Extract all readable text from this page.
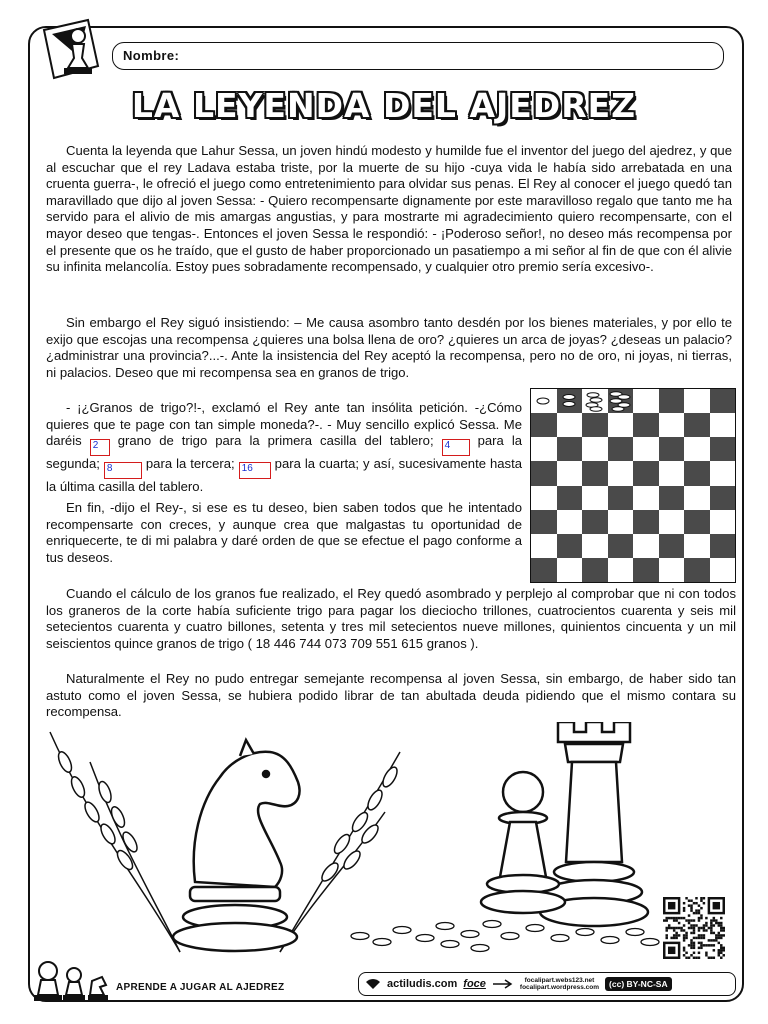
Nombre:
LA LEYENDA DEL AJEDREZ
Cuenta la leyenda que Lahur Sessa, un joven hindú modesto y humilde fue el inventor del juego del ajedrez, y que al escuchar que el rey Ladava estaba triste, por la muerte de su hijo -cuya vida le había sido arrebatada en una cruenta guerra-, le ofreció el juego como entretenimiento para olvidar sus penas. El Rey al conocer el juego quedó tan maravillado que dijo al joven Sessa: - Quiero recompensarte dignamente por este maravilloso regalo que tanto me ha servido para el alivio de mis amargas angustias, y para mostrarte mi agradecimiento quiero recompensarte, con el mayor deseo que tengas-. Entonces el joven Sessa le respondió: - ¡Poderoso señor!, no deseo más recompensa por el presente que os he traído, que el gusto de haber proporcionado un pasatiempo a mi señor al fin de que con él alivie su infinita melancolía. Estoy pues sobradamente recompensado, y cualquier otro premio sería excesivo-.
Sin embargo el Rey siguó insistiendo: – Me causa asombro tanto desdén por los bienes materiales, y por ello te exijo que escojas una recompensa ¿quieres una bolsa llena de oro? ¿quieres un arca de joyas? ¿deseas un palacio? ¿administrar una provincia?...-. Ante la insistencia del Rey aceptó la recompensa, pero no de oro, ni joyas, ni tierras, ni palacios. Deseo que mi recompensa sea en granos de trigo.
- ¡¿Granos de trigo?!-, exclamó el Rey ante tan insólita petición. -¿Cómo quieres que te page con tan simple moneda?-. - Muy sencillo explicó Sessa. Me daréis 2 grano de trigo para la primera casilla del tablero; 4 para la segunda; 8	para la tercera; 16 para la cuarta; y así, sucesivamente hasta la última casilla del tablero.
En fin, -dijo el Rey-, si ese es tu deseo, bien saben todos que he intentado recompensarte con creces, y aunque crea que malgastas tu oportunidad de enriquecerte, te di mi palabra y daré orden de que se efectue el pago conforme a tus deseos.
Cuando el cálculo de los granos fue realizado, el Rey quedó asombrado y perplejo al comprobar que ni con todos los graneros de la corte había suficiente trigo para pagar los dieciocho trillones, cuatrocientos cuarenta y seis mil setecientos cuarenta y cuatro billones, setenta y tres mil setecientos nueve millones, quinientos cincuenta y un mil seiscientos quince granos de trigo ( 18 446 744 073 709 551 615 granos ).
Naturalmente el Rey no pudo entregar semejante recompensa al joven Sessa, sin embargo, de haber sido tan astuto como el joven Sessa, se hubiera podido librar de tan abultada deuda pidiendo que el mismo contara su recompensa.
APRENDE A JUGAR AL AJEDREZ	actiludis.com foce	focalipart.webs123.net
focalipart.wordpress.com	(cc) BY-NC-SA
